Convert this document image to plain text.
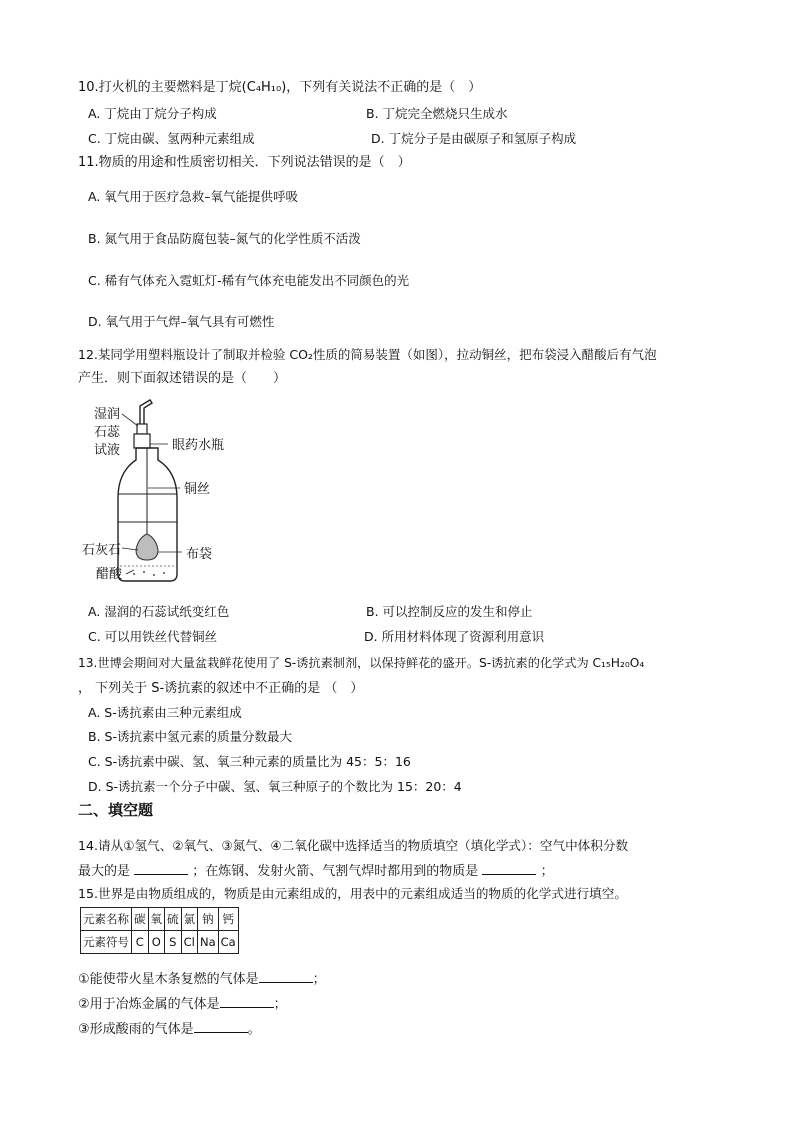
10.打火机的主要燃料是丁烷(C₄H₁₀)，下列有关说法不正确的是（　）
A. 丁烷由丁烷分子构成	B. 丁烷完全燃烧只生成水
C. 丁烷由碳、氢两种元素组成	D. 丁烷分子是由碳原子和氢原子构成
11.物质的用途和性质密切相关．下列说法错误的是（　）
A. 氧气用于医疗急救–氧气能提供呼吸
B. 氮气用于食品防腐包装–氮气的化学性质不活泼
C. 稀有气体充入霓虹灯-稀有气体充电能发出不同颜色的光
D. 氧气用于气焊–氧气具有可燃性
12.某同学用塑料瓶设计了制取并检验 CO₂性质的简易装置（如图），拉动铜丝，把布袋浸入醋酸后有气泡
产生．则下面叙述错误的是（　　）
湿润
石蕊
试液	眼药水瓶
铜丝
石灰石	布袋
醋酸
A. 湿润的石蕊试纸变红色	B. 可以控制反应的发生和停止
C. 可以用铁丝代替铜丝	D. 所用材料体现了资源利用意识
13.世博会期间对大量盆栽鲜花使用了 S-诱抗素制剂，以保持鲜花的盛开。S-诱抗素的化学式为 C₁₅H₂₀O₄
， 下列关于 S-诱抗素的叙述中不正确的是 （　）
A. S-诱抗素由三种元素组成
B. S-诱抗素中氢元素的质量分数最大
C. S-诱抗素中碳、氢、氧三种元素的质量比为 45：5：16
D. S-诱抗素一个分子中碳、氢、氧三种原子的个数比为 15：20：4
二、填空题
14.请从①氢气、②氧气、③氮气、④二氧化碳中选择适当的物质填空（填化学式）：空气中体积分数
最大的是	；在炼钢、发射火箭、气割气焊时都用到的物质是	；
15.世界是由物质组成的，物质是由元素组成的，用表中的元素组成适当的物质的化学式进行填空。
元素名称	碳	氧	硫	氯	钠	钙
元素符号	C	O	S	Cl	Na	Ca
①能使带火星木条复燃的气体是	；
②用于冶炼金属的气体是	；
③形成酸雨的气体是	。
